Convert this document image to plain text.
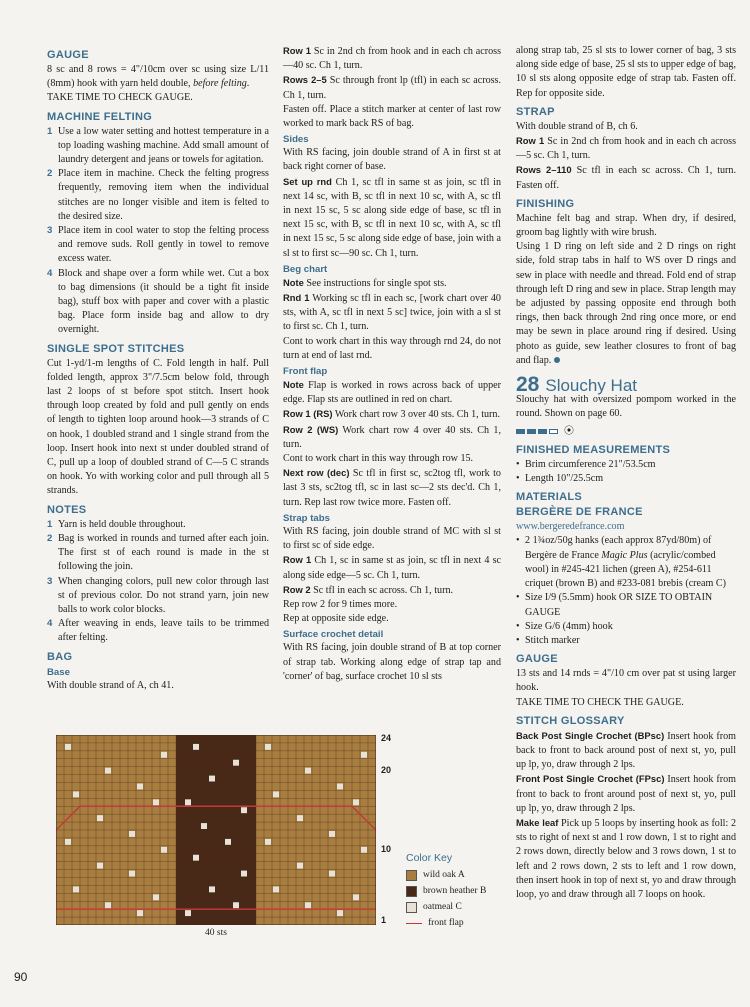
GAUGE

8 sc and 8 rows = 4"/10cm over sc using size L/11 (8mm) hook with yarn held double, before felting.

TAKE TIME TO CHECK GAUGE.

MACHINE FELTING
1 Use a low water setting and hottest temperature in a top loading washing machine. Add small amount of laundry detergent and jeans or towels for agitation.
2 Place item in machine. Check the felting progress frequently, removing item when the individual stitches are no longer visible and item is felted to the desired size.
3 Place item in cool water to stop the felting process and remove suds. Roll gently in towel to remove excess water.
4 Block and shape over a form while wet. Cut a box to bag dimensions (it should be a tight fit inside bag), stuff box with paper and cover with a plastic bag. Place form inside bag and allow to dry overnight.
SINGLE SPOT STITCHES

Cut 1-yd/1-m lengths of C. Fold length in half. Pull folded length, approx 3"/7.5cm below fold, through last 2 loops of st before spot stitch. Insert hook through loop created by fold and pull gently on ends of length to tighten loop around hook—3 strands of C on hook, 1 doubled strand and 1 single strand from the loop. Insert hook into next st under doubled strand of C, pull up a loop of doubled strand of C—5 C strands on hook. Yo with working color and pull through all 5 strands.

NOTES
1 Yarn is held double throughout.
2 Bag is worked in rounds and turned after each join. The first st of each round is made in the st following the join.
3 When changing colors, pull new color through last st of previous color. Do not strand yarn, join new balls to work color blocks.
4 After weaving in ends, leave tails to be trimmed after felting.
BAG
Base

With double strand of A, ch 41.

Row 1 Sc in 2nd ch from hook and in each ch across—40 sc. Ch 1, turn.

Rows 2–5 Sc through front lp (tfl) in each sc across. Ch 1, turn.

Fasten off. Place a stitch marker at center of last row worked to mark back RS of bag.

Sides

With RS facing, join double strand of A in first st at back right corner of base.

Set up rnd Ch 1, sc tfl in same st as join, sc tfl in next 14 sc, with B, sc tfl in next 10 sc, with A, sc tfl in next 15 sc, 5 sc along side edge of base, sc tfl in next 15 sc, with B, sc tfl in next 10 sc, with A, sc tfl in next 15 sc, 5 sc along side edge of base, join with a sl st to first sc—90 sc. Ch 1, turn.

Beg chart

Note See instructions for single spot sts.

Rnd 1 Working sc tfl in each sc, [work chart over 40 sts, with A, sc tfl in next 5 sc] twice, join with a sl st to first sc. Ch 1, turn.

Cont to work chart in this way through rnd 24, do not turn at end of last rnd.

Front flap

Note Flap is worked in rows across back of upper edge. Flap sts are outlined in red on chart.

Row 1 (RS) Work chart row 3 over 40 sts. Ch 1, turn.

Row 2 (WS) Work chart row 4 over 40 sts. Ch 1, turn.

Cont to work chart in this way through row 15.

Next row (dec) Sc tfl in first sc, sc2tog tfl, work to last 3 sts, sc2tog tfl, sc in last sc—2 sts dec'd. Ch 1, turn. Rep last row twice more. Fasten off.

Strap tabs

With RS facing, join double strand of MC with sl st to first sc of side edge.

Row 1 Ch 1, sc in same st as join, sc tfl in next 4 sc along side edge—5 sc. Ch 1, turn.

Row 2 Sc tfl in each sc across. Ch 1, turn.

Rep row 2 for 9 times more.

Rep at opposite side edge.

Surface crochet detail

With RS facing, join double strand of B at top corner of strap tab. Working along edge of strap tap and 'corner' of bag, surface crochet 10 sl sts

along strap tab, 25 sl sts to lower corner of bag, 3 sts along side edge of base, 25 sl sts to upper edge of bag, 10 sl sts along opposite edge of strap tab. Fasten off. Rep for opposite side.

STRAP

With double strand of B, ch 6.

Row 1 Sc in 2nd ch from hook and in each ch across—5 sc. Ch 1, turn.

Rows 2–110 Sc tfl in each sc across. Ch 1, turn. Fasten off.

FINISHING

Machine felt bag and strap. When dry, if desired, groom bag lightly with wire brush.

Using 1 D ring on left side and 2 D rings on right side, fold strap tabs in half to WS over D rings and sew in place with needle and thread. Fold end of strap through left D ring and sew in place. Strap length may be adjusted by passing opposite end through both rings, then back through 2nd ring once more, or end may be sewn in place around ring if desired. Using photo as guide, sew leather closures to front of bag and flap.

28 Slouchy Hat

Slouchy hat with oversized pompom worked in the round. Shown on page 60.

⦿
FINISHED MEASUREMENTS
• Brim circumference 21"/53.5cm
• Length 10"/25.5cm
MATERIALS
BERGÈRE DE FRANCE

www.bergeredefrance.com

• 2 1¾oz/50g hanks (each approx 87yd/80m) of Bergère de France Magic Plus (acrylic/combed wool) in #245-421 lichen (green A), #254-611 criquet (brown B) and #233-081 brebis (cream C)
• Size I/9 (5.5mm) hook OR SIZE TO OBTAIN GAUGE
• Size G/6 (4mm) hook
• Stitch marker
GAUGE

13 sts and 14 rnds = 4"/10 cm over pat st using larger hook.

TAKE TIME TO CHECK THE GAUGE.

STITCH GLOSSARY

Back Post Single Crochet (BPsc) Insert hook from back to front to back around post of next st, yo, pull up lp, yo, draw through 2 lps.

Front Post Single Crochet (FPsc) Insert hook from front to back to front around post of next st, yo, pull up lp, yo, draw through 2 lps.

Make leaf Pick up 5 loops by inserting hook as foll: 2 sts to right of next st and 1 row down, 1 st to right and 2 rows down, directly below and 3 rows down, 1 st to left and 2 rows down, 2 sts to left and 1 row down, then insert hook in top of next st, yo and draw through loop, yo and draw through all 7 loops on hook.

24
20
10
1
40 sts
Color Key
wild oak A
brown heather B
oatmeal C
front flap
90
